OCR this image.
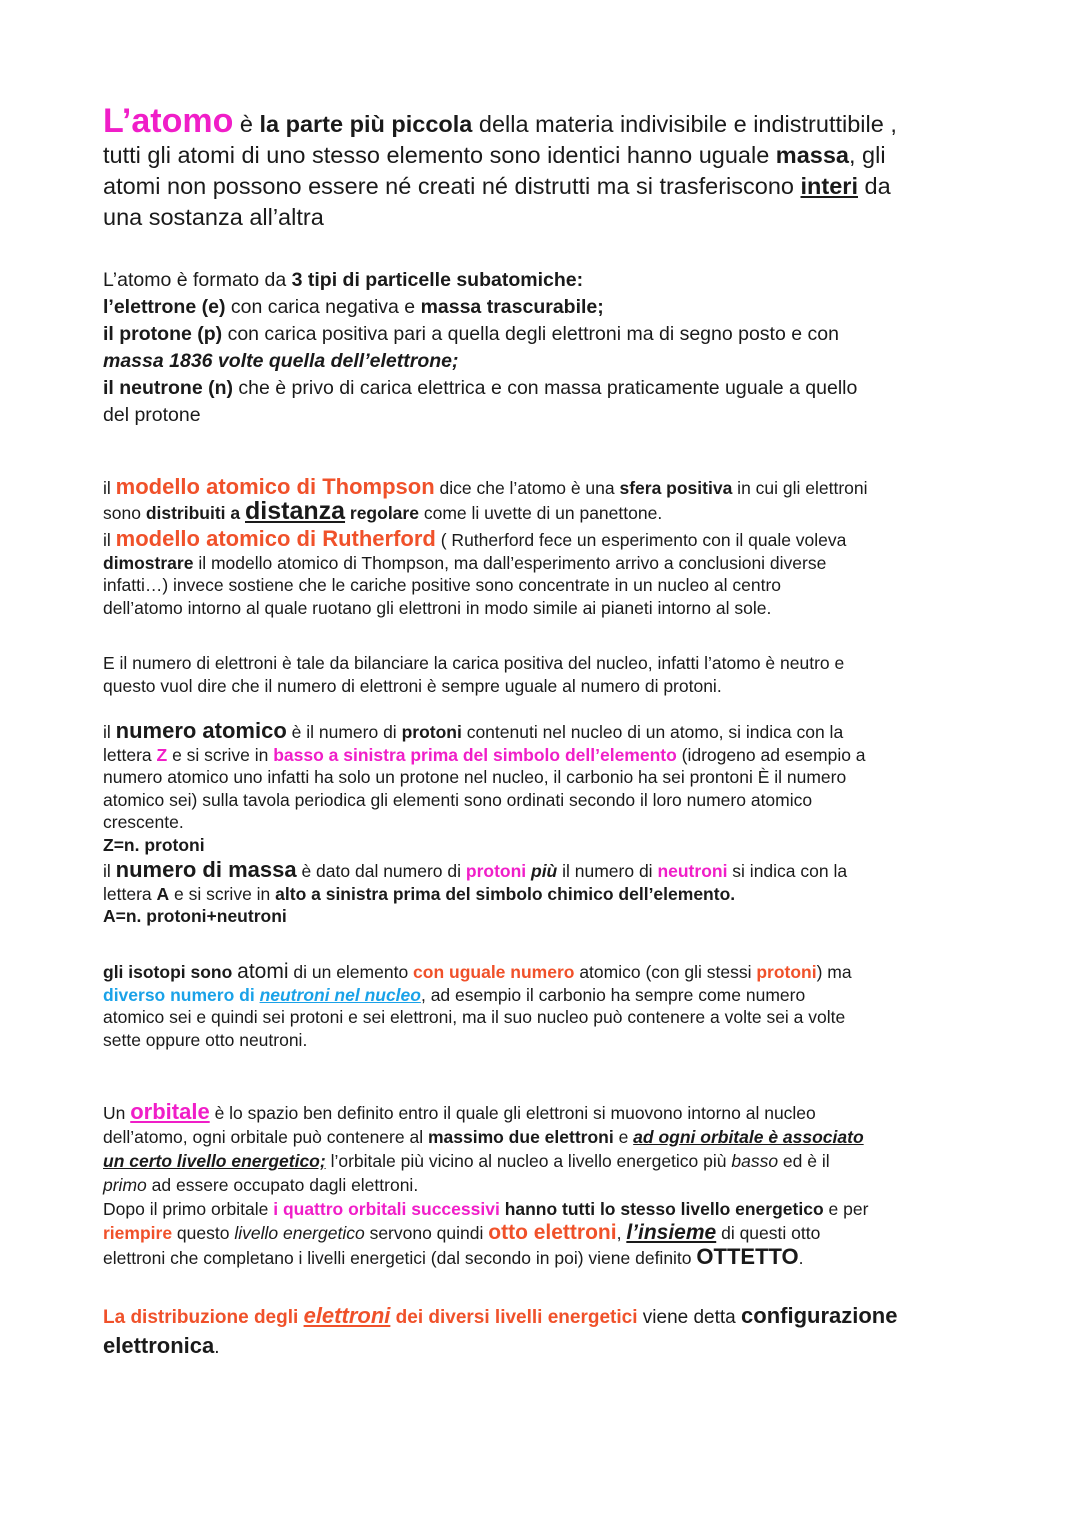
L’atomo è la parte più piccola della materia indivisibile e indistruttibile ,
tutti gli atomi di uno stesso elemento sono identici hanno uguale massa, gli
atomi non possono essere né creati né distrutti ma si trasferiscono interi da
una sostanza all’altra
L’atomo è formato da 3 tipi di particelle subatomiche:
l’elettrone (e) con carica negativa e massa trascurabile;
il protone (p) con carica positiva pari a quella degli elettroni ma di segno posto e con
massa 1836 volte quella dell’elettrone;
il neutrone (n) che è privo di carica elettrica e con massa praticamente uguale a quello
del protone

il modello atomico di Thompson dice che l’atomo è una sfera positiva in cui gli elettroni
sono distribuiti a distanza regolare come li uvette di un panettone.

il modello atomico di Rutherford ( Rutherford fece un esperimento con il quale voleva
dimostrare il modello atomico di Thompson, ma dall’esperimento arrivo a conclusioni diverse
infatti…) invece sostiene che le cariche positive sono concentrate in un nucleo al centro
dell’atomo intorno al quale ruotano gli elettroni in modo simile ai pianeti intorno al sole.

E il numero di elettroni è tale da bilanciare la carica positiva del nucleo, infatti l’atomo è neutro e
questo vuol dire che il numero di elettroni è sempre uguale al numero di protoni.
il numero atomico è il numero di protoni contenuti nel nucleo di un atomo, si indica con la
lettera Z e si scrive in basso a sinistra prima del simbolo dell’elemento (idrogeno ad esempio a
numero atomico uno infatti ha solo un protone nel nucleo, il carbonio ha sei prontoni È il numero
atomico sei) sulla tavola periodica gli elementi sono ordinati secondo il loro numero atomico
crescente.
Z=n. protoni

il numero di massa è dato dal numero di protoni più il numero di neutroni si indica con la
lettera A e si scrive in alto a sinistra prima del simbolo chimico dell’elemento.
A=n. protoni+neutroni
gli isotopi sono atomi di un elemento con uguale numero atomico (con gli stessi protoni) ma
diverso numero di neutroni nel nucleo, ad esempio il carbonio ha sempre come numero
atomico sei e quindi sei protoni e sei elettroni, ma il suo nucleo può contenere a volte sei a volte
sette oppure otto neutroni.
Un orbitale è lo spazio ben definito entro il quale gli elettroni si muovono intorno al nucleo
dell’atomo, ogni orbitale può contenere al massimo due elettroni e ad ogni orbitale è associato
un certo livello energetico; l’orbitale più vicino al nucleo a livello energetico più basso ed è il
primo ad essere occupato dagli elettroni.
Dopo il primo orbitale i quattro orbitali successivi hanno tutti lo stesso livello energetico e per
riempire questo livello energetico servono quindi otto elettroni, l’insieme di questi otto
elettroni che completano i livelli energetici (dal secondo in poi) viene definito OTTETTO.
La distribuzione degli elettroni dei diversi livelli energetici viene detta configurazione
elettronica.
